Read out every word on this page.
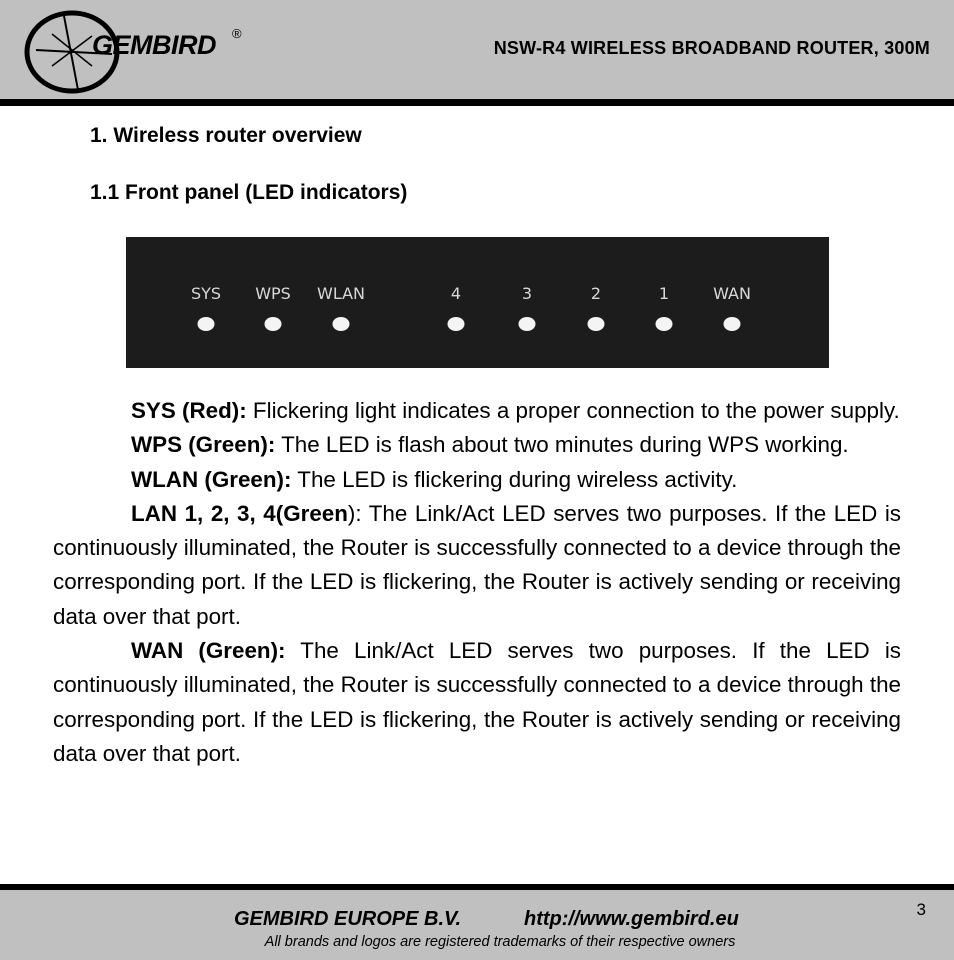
GEMBIRD ®
NSW-R4 WIRELESS BROADBAND ROUTER, 300M
1. Wireless router overview
1.1 Front panel (LED indicators)
SYS WPS WLAN	4	3	2	1	WAN

SYS (Red): Flickering light indicates a proper connection to the power supply.

WPS (Green): The LED is flash about two minutes during WPS working.

WLAN (Green): The LED is flickering during wireless activity.

LAN 1, 2, 3, 4(Green): The Link/Act LED serves two purposes. If the LED is continuously illuminated, the Router is successfully connected to a device through the corresponding port. If the LED is flickering, the Router is actively sending or receiving data over that port.

WAN (Green): The Link/Act LED serves two purposes. If the LED is continuously illuminated, the Router is successfully connected to a device through the corresponding port. If the LED is flickering, the Router is actively sending or receiving data over that port.

GEMBIRD EUROPE B.V.	http://www.gembird.eu
All brands and logos are registered trademarks of their respective owners
3
